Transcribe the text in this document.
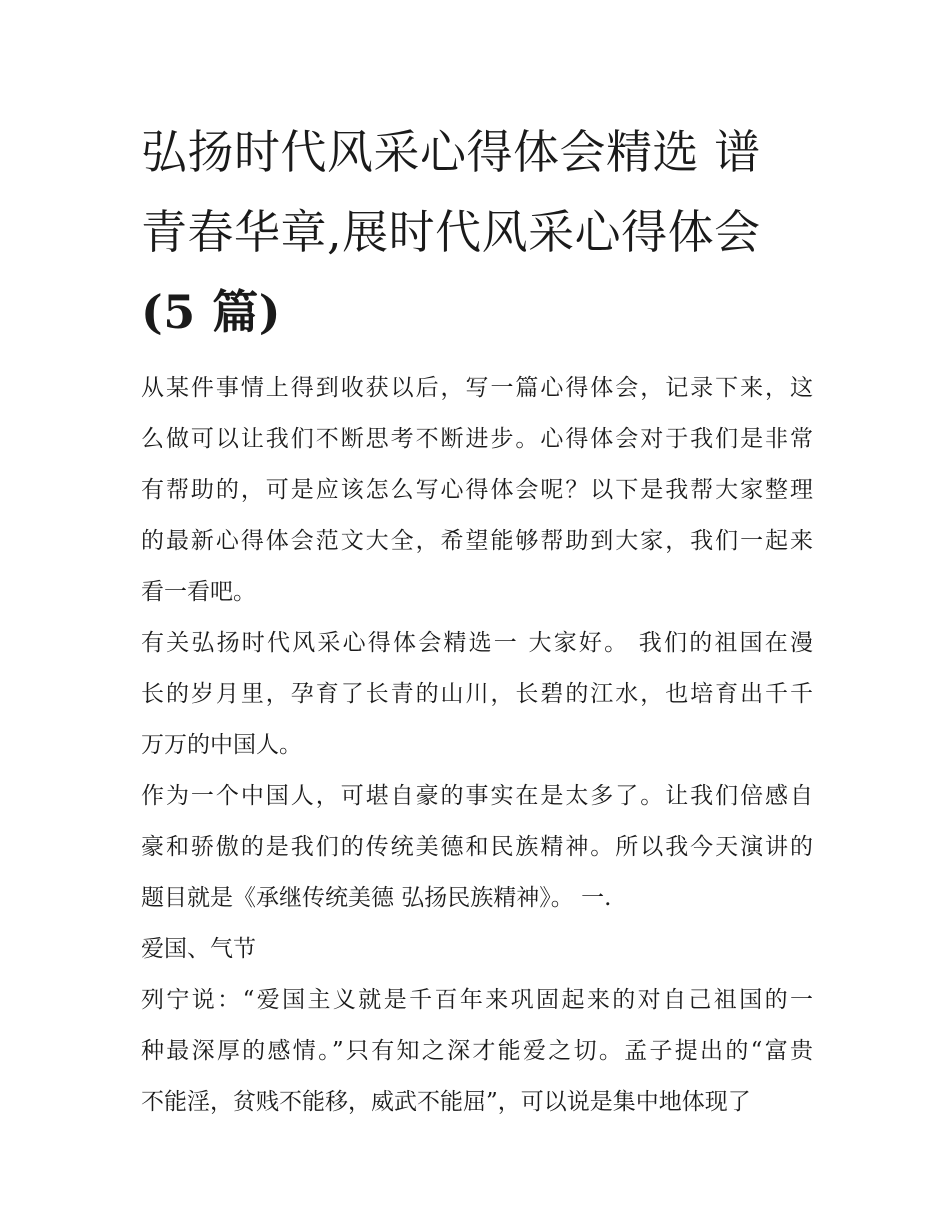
弘扬时代风采心得体会精选 谱
青春华章,展时代风采心得体会
(5 篇)

从某件事情上得到收获以后，写一篇心得体会，记录下来，这
么做可以让我们不断思考不断进步。心得体会对于我们是非常
有帮助的，可是应该怎么写心得体会呢？以下是我帮大家整理
的最新心得体会范文大全，希望能够帮助到大家，我们一起来
看一看吧。

有关弘扬时代风采心得体会精选一 大家好。 我们的祖国在漫
长的岁月里，孕育了长青的山川，长碧的江水，也培育出千千
万万的中国人。

作为一个中国人，可堪自豪的事实在是太多了。让我们倍感自
豪和骄傲的是我们的传统美德和民族精神。所以我今天演讲的
题目就是《承继传统美德 弘扬民族精神》。 一.

爱国、气节

列宁说：“爱国主义就是千百年来巩固起来的对自己祖国的一
种最深厚的感情。”只有知之深才能爱之切。孟子提出的“富贵
不能淫，贫贱不能移，威武不能屈”，可以说是集中地体现了
